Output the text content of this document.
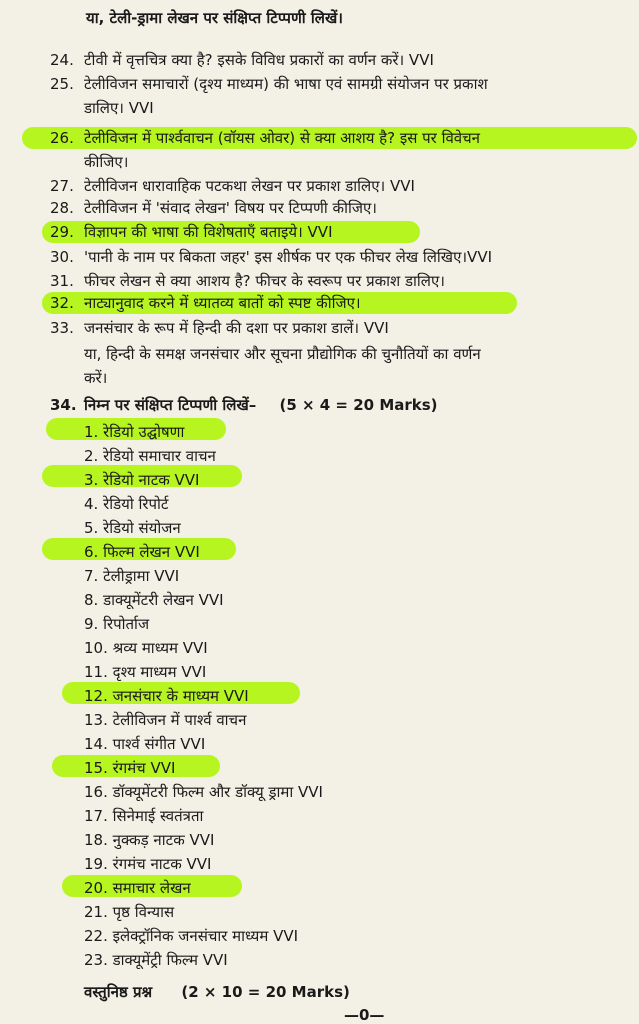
या, टेली-ड्रामा लेखन पर संक्षिप्त टिप्पणी लिखें।
24. टीवी में वृत्तचित्र क्या है? इसके विविध प्रकारों का वर्णन करें। VVI
25. टेलीविजन समाचारों (दृश्य माध्यम) की भाषा एवं सामग्री संयोजन पर प्रकाश
डालिए। VVI
26. टेलीविजन में पार्श्ववाचन (वॉयस ओवर) से क्या आशय है? इस पर विवेचन
कीजिए।
27. टेलीविजन धारावाहिक पटकथा लेखन पर प्रकाश डालिए। VVI
28. टेलीविजन में 'संवाद लेखन' विषय पर टिप्पणी कीजिए।
29. विज्ञापन की भाषा की विशेषताएँ बताइये। VVI
30. 'पानी के नाम पर बिकता जहर' इस शीर्षक पर एक फीचर लेख लिखिए।VVI
31. फीचर लेखन से क्या आशय है? फीचर के स्वरूप पर प्रकाश डालिए।
32. नाट्यानुवाद करने में ध्यातव्य बातों को स्पष्ट कीजिए।
33. जनसंचार के रूप में हिन्दी की दशा पर प्रकाश डालें। VVI
या, हिन्दी के समक्ष जनसंचार और सूचना प्रौद्योगिक की चुनौतियों का वर्णन
करें।
34. निम्न पर संक्षिप्त टिप्पणी लिखें– (5 × 4 = 20 Marks)
1. रेडियो उद्घोषणा
2. रेडियो समाचार वाचन
3. रेडियो नाटक VVI
4. रेडियो रिपोर्ट
5. रेडियो संयोजन
6. फिल्म लेखन VVI
7. टेलीड्रामा VVI
8. डाक्यूमेंटरी लेखन VVI
9. रिपोर्ताज
10. श्रव्य माध्यम VVI
11. दृश्य माध्यम VVI
12. जनसंचार के माध्यम VVI
13. टेलीविजन में पार्श्व वाचन
14. पार्श्व संगीत VVI
15. रंगमंच VVI
16. डॉक्यूमेंटरी फिल्म और डॉक्यू ड्रामा VVI
17. सिनेमाई स्वतंत्रता
18. नुक्कड़ नाटक VVI
19. रंगमंच नाटक VVI
20. समाचार लेखन
21. पृष्ठ विन्यास
22. इलेक्ट्रॉनिक जनसंचार माध्यम VVI
23. डाक्यूमेंट्री फिल्म VVI
वस्तुनिष्ठ प्रश्न (2 × 10 = 20 Marks)
—0—
